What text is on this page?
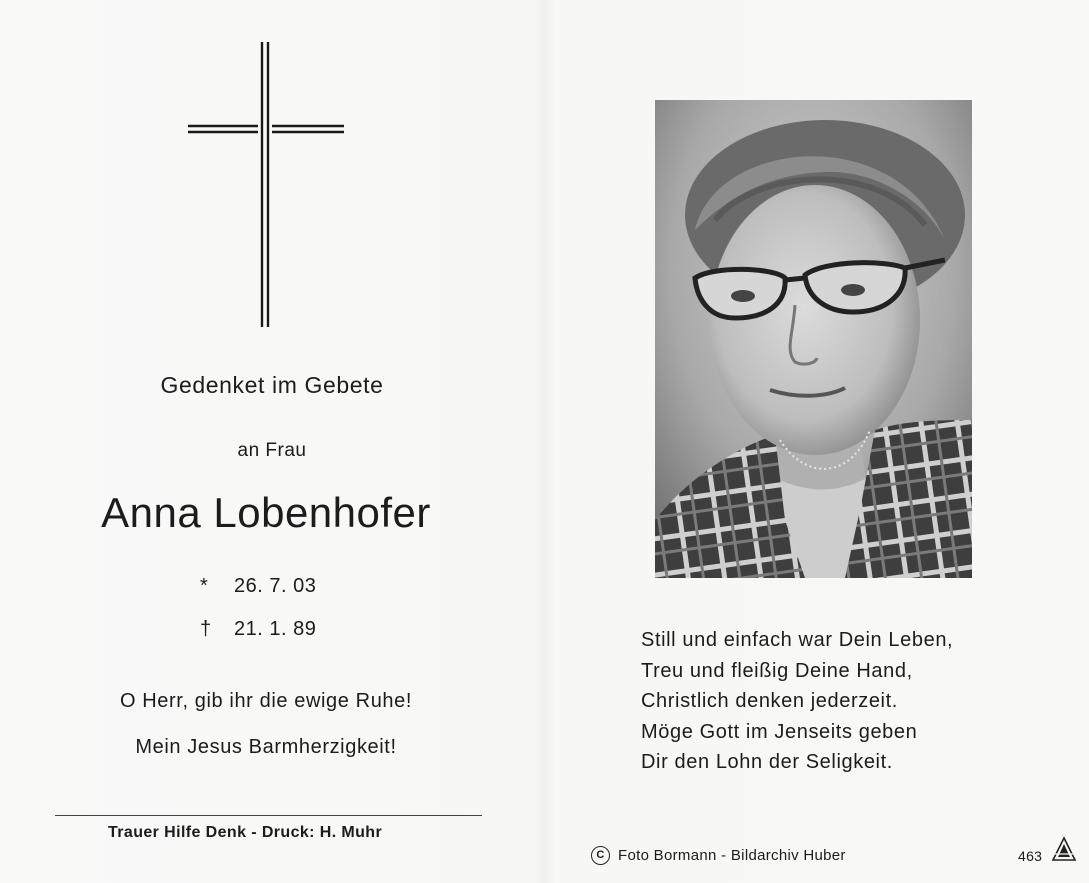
Gedenket im Gebete
an Frau
Anna Lobenhofer
* 26. 7. 03
† 21. 1. 89
O Herr, gib ihr die ewige Ruhe!
Mein Jesus Barmherzigkeit!
Trauer Hilfe Denk - Druck: H. Muhr
Still und einfach war Dein Leben,
Treu und fleißig Deine Hand,
Christlich denken jederzeit.
Möge Gott im Jenseits geben
Dir den Lohn der Seligkeit.
C Foto Bormann - Bildarchiv Huber	463
